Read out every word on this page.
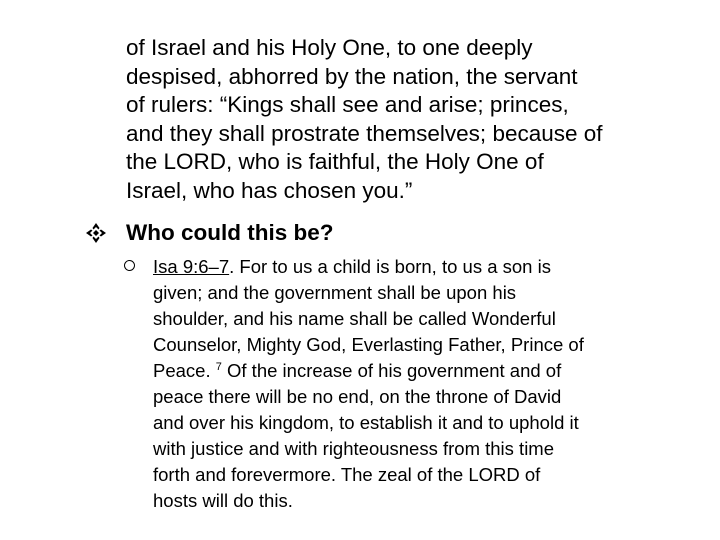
of Israel and his Holy One, to one deeply
despised, abhorred by the nation, the servant
of rulers: “Kings shall see and arise; princes,
and they shall prostrate themselves; because of
the LORD, who is faithful, the Holy One of
Israel, who has chosen you.”

Who could this be?
Isa 9:6–7. For to us a child is born, to us a son is
given; and the government shall be upon his
shoulder, and his name shall be called Wonderful
Counselor, Mighty God, Everlasting Father, Prince of
Peace. $^7$ Of the increase of his government and of
peace there will be no end, on the throne of David
and over his kingdom, to establish it and to uphold it
with justice and with righteousness from this time
forth and forevermore. The zeal of the LORD of
hosts will do this.
